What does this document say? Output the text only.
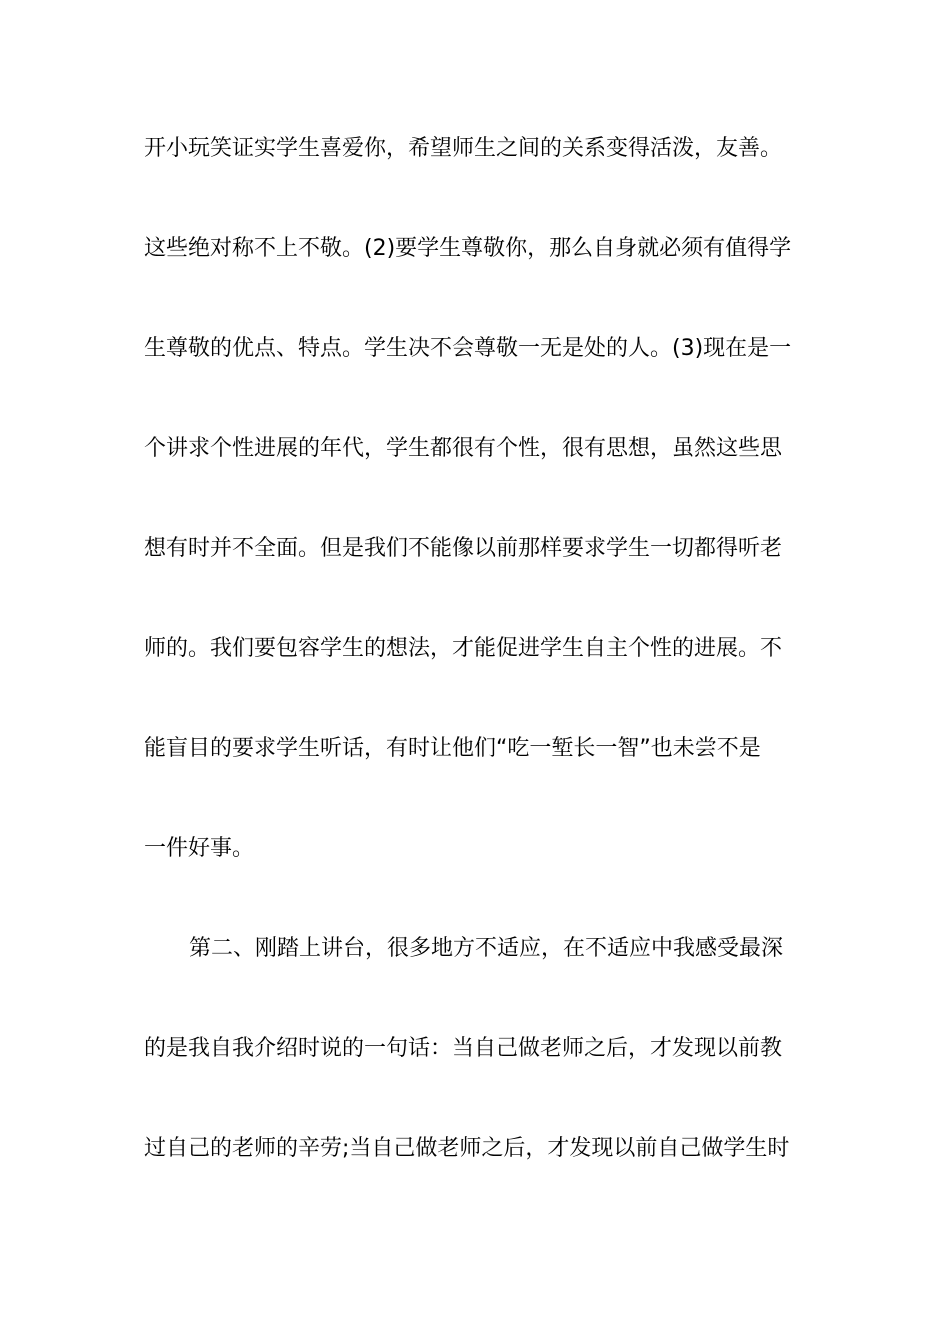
开小玩笑证实学生喜爱你，希望师生之间的关系变得活泼，友善。
这些绝对称不上不敬。(2)要学生尊敬你，那么自身就必须有值得学
生尊敬的优点、特点。学生决不会尊敬一无是处的人。(3)现在是一
个讲求个性进展的年代，学生都很有个性，很有思想，虽然这些思
想有时并不全面。但是我们不能像以前那样要求学生一切都得听老
师的。我们要包容学生的想法，才能促进学生自主个性的进展。不
能盲目的要求学生听话，有时让他们“吃一堑长一智”也未尝不是
一件好事。
第二、刚踏上讲台，很多地方不适应，在不适应中我感受最深
的是我自我介绍时说的一句话：当自己做老师之后，才发现以前教
过自己的老师的辛劳;当自己做老师之后，才发现以前自己做学生时
